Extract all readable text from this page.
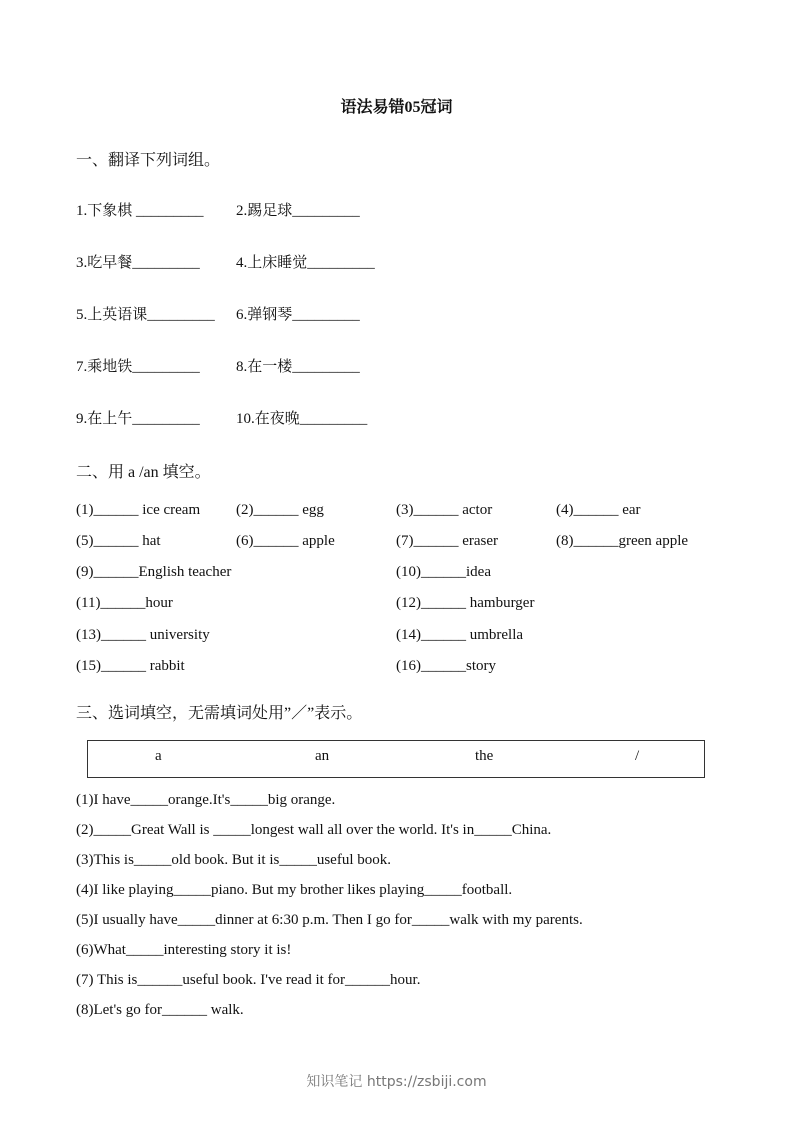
语法易错05冠词
一、翻译下列词组。
1.下象棋 _________ 2.踢足球_________
3.吃早餐_________ 4.上床睡觉_________
5.上英语课_________ 6.弹钢琴_________
7.乘地铁_________ 8.在一楼_________
9.在上午_________ 10.在夜晚_________
二、用 a /an 填空。
(1)______ ice cream (2)______ egg	(3)______ actor	(4)______ ear
(5)______ hat	(6)______ apple	(7)______ eraser	(8)______green apple
(9)______English teacher	(10)______idea
(11)______hour	(12)______ hamburger
(13)______ university	(14)______ umbrella
(15)______ rabbit	(16)______story
三、选词填空，无需填词处用”／”表示。
a	an	the	/
(1)I have_____orange.It's_____big orange.
(2)_____Great Wall is _____longest wall all over the world. It's in_____China.
(3)This is_____old book. But it is_____useful book.
(4)I like playing_____piano. But my brother likes playing_____football.
(5)I usually have_____dinner at 6:30 p.m. Then I go for_____walk with my parents.
(6)What_____interesting story it is!
(7) This is______useful book. I've read it for______hour.
(8)Let's go for______ walk.
知识笔记 https://zsbiji.com
